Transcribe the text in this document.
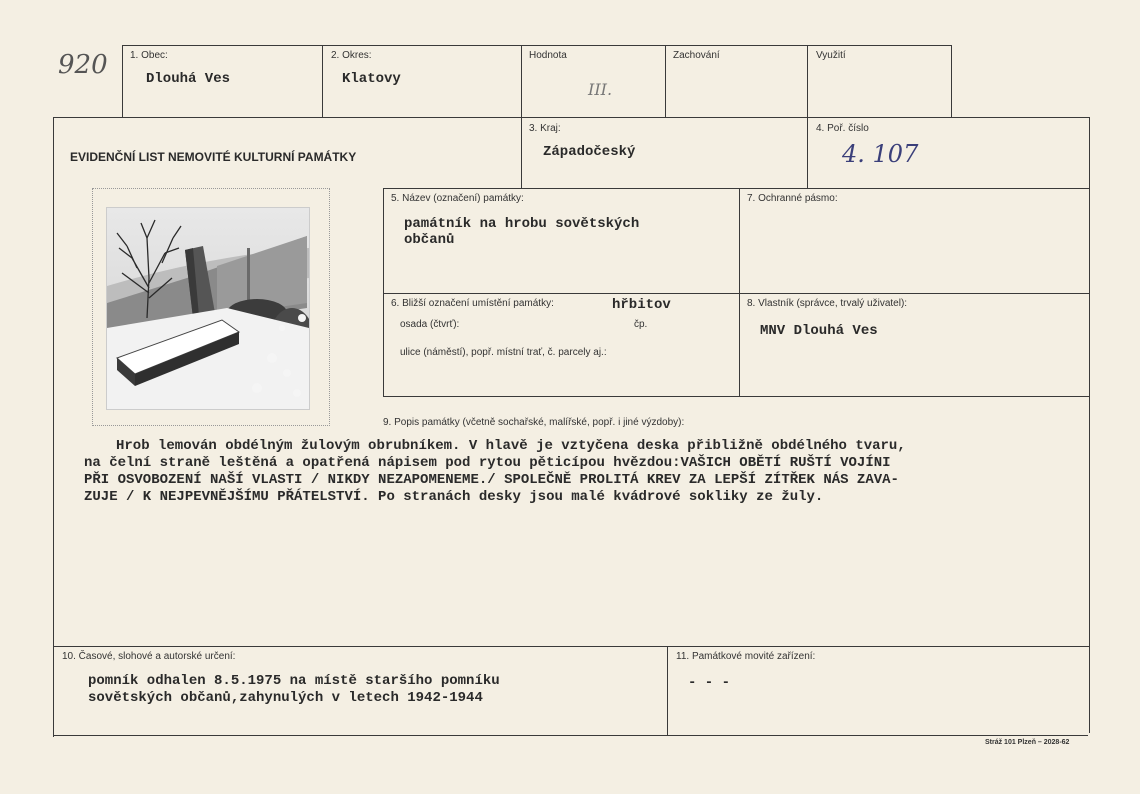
920 1. Obec:
Dlouhá Ves
2. Okres:
Klatovy
Hodnota
III.
Zachování	Využití
EVIDENČNÍ LIST NEMOVITÉ KULTURNÍ PAMÁTKY
3. Kraj:
Západočeský
4. Poř. číslo
4. 107
5. Název (označení) památky:
památník na hrobu sovětských
občanů
7. Ochranné pásmo:
6. Bližší označení umístění památky:	hřbitov
osada (čtvrť):	čp.
ulice (náměstí), popř. místní trať, č. parcely aj.:
8. Vlastník (správce, trvalý uživatel):
MNV Dlouhá Ves
9. Popis památky (včetně sochařské, malířské, popř. i jiné výzdoby):
Hrob lemován obdélným žulovým obrubníkem. V hlavě je vztyčena deska přibližně obdélného tvaru,
na čelní straně leštěná a opatřená nápisem pod rytou pěticípou hvězdou:VAŠICH OBĚTÍ RUŠTÍ VOJÍNI
PŘI OSVOBOZENÍ NAŠÍ VLASTI / NIKDY NEZAPOMENEME./ SPOLEČNĚ PROLITÁ KREV ZA LEPŠÍ ZÍTŘEK NÁS ZAVA-
ZUJE / K NEJPEVNĚJŠÍMU PŘÁTELSTVÍ. Po stranách desky jsou malé kvádrové sokliky ze žuly.
10. Časové, slohové a autorské určení:
pomník odhalen 8.5.1975 na místě staršího pomníku
sovětských občanů,zahynulých v letech 1942-1944
11. Památkové movité zařízení:
- - -
Stráž 101 Plzeň – 2028-62
